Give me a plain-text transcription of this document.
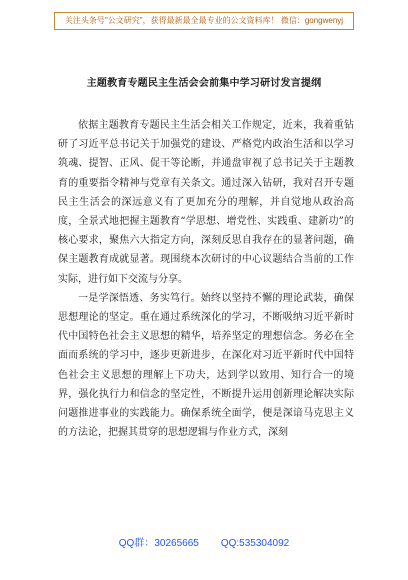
关注头条号"公文研究"，获得最新最全最专业的公文资料库！ 微信：gongwenyj
主题教育专题民主生活会会前集中学习研讨发言提纲

依据主题教育专题民主生活会相关工作规定，近来，我着重钻研了习近平总书记关于加强党的建设、严格党内政治生活和以学习筑魂、提智、正风、促干等论断，并通盘审视了总书记关于主题教育的重要指令精神与党章有关条文。通过深入钻研，我对召开专题民主生活会的深远意义有了更加充分的理解，并自觉地从政治高度，全景式地把握主题教育“学思想、增党性、实践重、建新功”的核心要求，聚焦六大指定方向，深刻反思自我存在的显著问题，确保主题教育成就显著。现围绕本次研讨的中心议题结合当前的工作实际，进行如下交流与分享。

一是学深悟透、务实笃行。始终以坚持不懈的理论武装，确保思想理论的坚定。重在通过系统深化的学习，不断吸纳习近平新时代中国特色社会主义思想的精华，培养坚定的理想信念。务必在全面而系统的学习中，逐步更新进步，在深化对习近平新时代中国特色社会主义思想的理解上下功夫，达到学以致用、知行合一的境界，强化执行力和信念的坚定性，不断提升运用创新理论解决实际问题推进事业的实践能力。确保系统全面学，便是深谙马克思主义的方法论，把握其贯穿的思想逻辑与作业方式，深刻

QQ群：30265665 QQ:535304092
